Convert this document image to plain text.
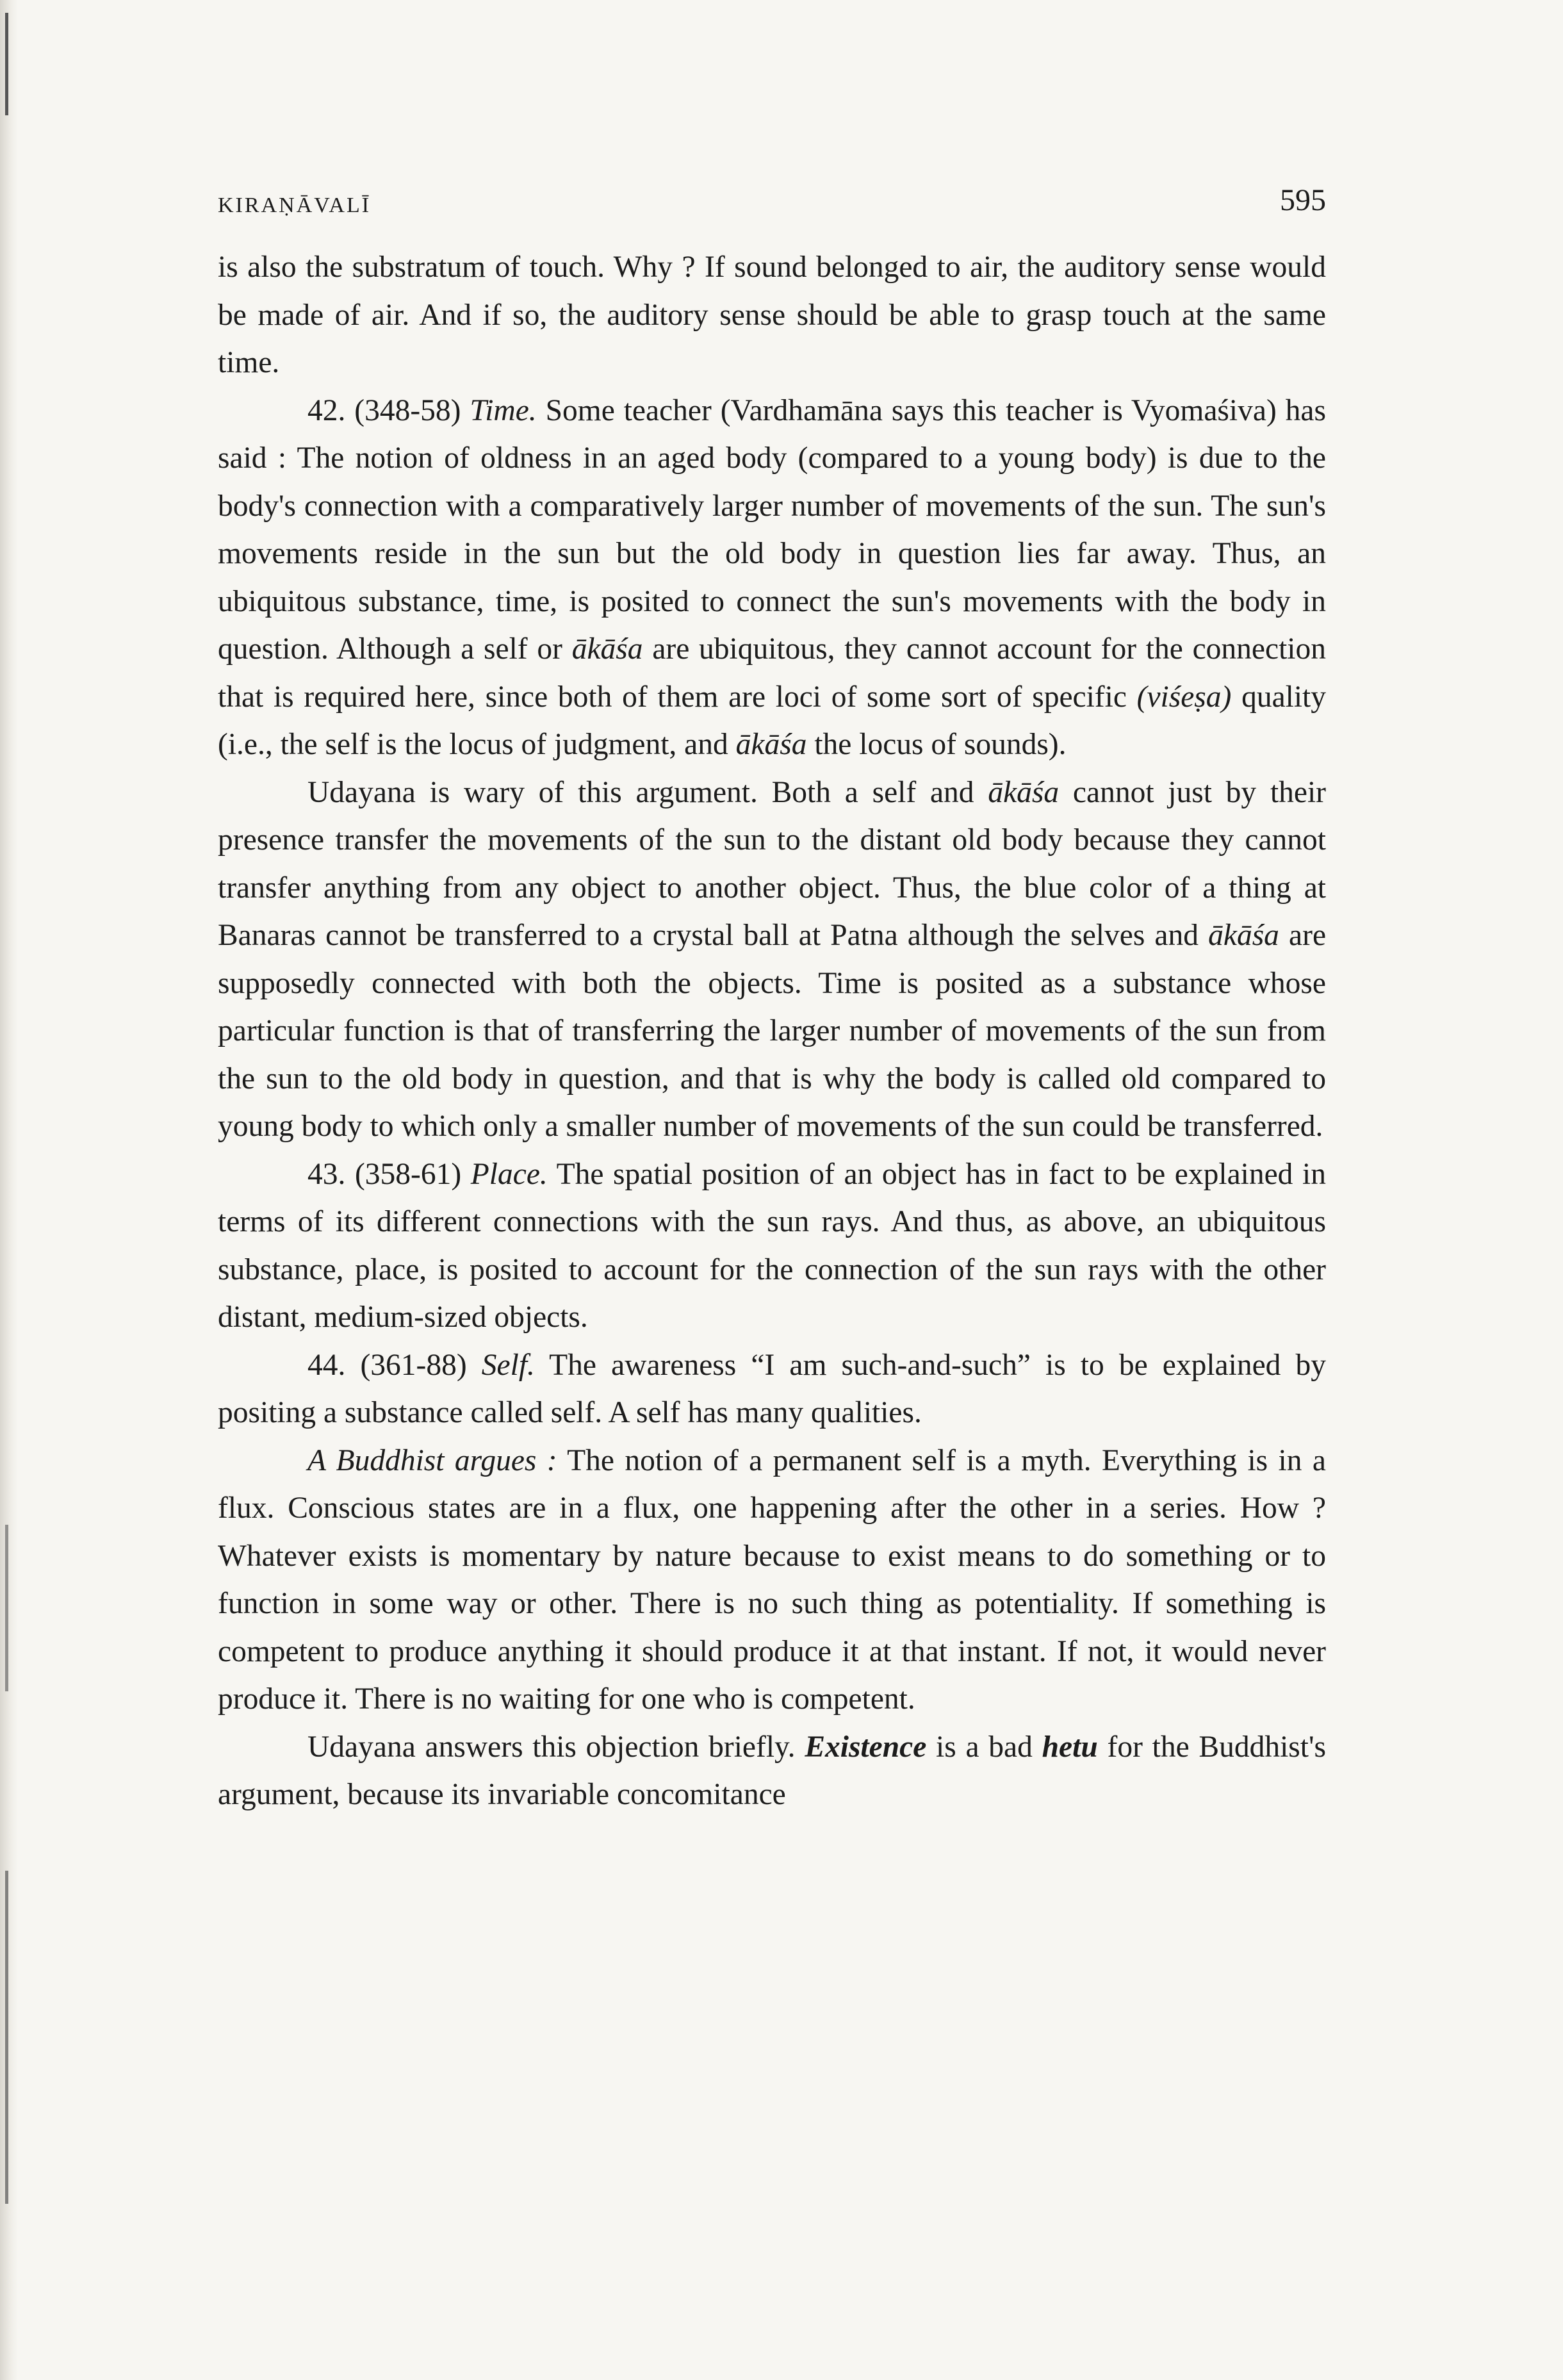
KIRAṆĀVALĪ	595

is also the substratum of touch. Why ? If sound belonged to air, the auditory sense would be made of air. And if so, the auditory sense should be able to grasp touch at the same time.

42. (348-58) Time. Some teacher (Vardhamāna says this teacher is Vyomaśiva) has said : The notion of oldness in an aged body (compared to a young body) is due to the body's connection with a comparatively larger number of movements of the sun. The sun's movements reside in the sun but the old body in question lies far away. Thus, an ubiquitous substance, time, is posited to connect the sun's movements with the body in question. Although a self or ākāśa are ubiquitous, they cannot account for the connection that is required here, since both of them are loci of some sort of specific (viśeṣa) quality (i.e., the self is the locus of judgment, and ākāśa the locus of sounds).

Udayana is wary of this argument. Both a self and ākāśa cannot just by their presence transfer the movements of the sun to the distant old body because they cannot transfer anything from any object to another object. Thus, the blue color of a thing at Banaras cannot be transferred to a crystal ball at Patna although the selves and ākāśa are supposedly connected with both the objects. Time is posited as a substance whose particular function is that of transferring the larger number of movements of the sun from the sun to the old body in question, and that is why the body is called old compared to young body to which only a smaller number of movements of the sun could be transferred.

43. (358-61) Place. The spatial position of an object has in fact to be explained in terms of its different connections with the sun rays. And thus, as above, an ubiquitous substance, place, is posited to account for the connection of the sun rays with the other distant, medium-sized objects.

44. (361-88) Self. The awareness “I am such-and-such” is to be explained by positing a substance called self. A self has many qualities.

A Buddhist argues : The notion of a permanent self is a myth. Everything is in a flux. Conscious states are in a flux, one happening after the other in a series. How ? Whatever exists is momentary by nature because to exist means to do something or to function in some way or other. There is no such thing as potentiality. If something is competent to produce anything it should produce it at that instant. If not, it would never produce it. There is no waiting for one who is competent.

Udayana answers this objection briefly. Existence is a bad hetu for the Buddhist's argument, because its invariable concomitance
